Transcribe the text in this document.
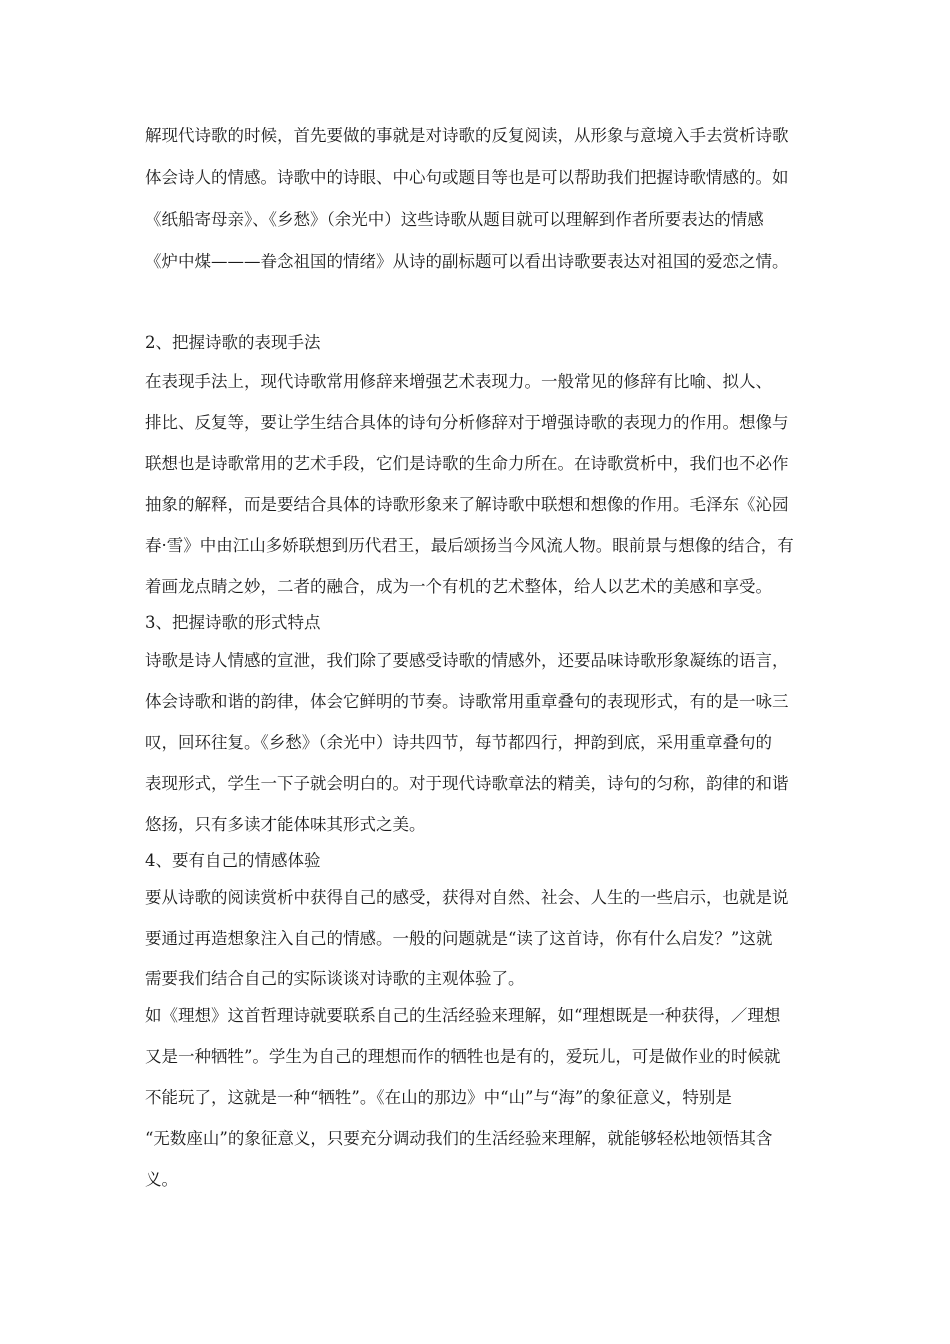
解现代诗歌的时候，首先要做的事就是对诗歌的反复阅读，从形象与意境入手去赏析诗歌
体会诗人的情感。诗歌中的诗眼、中心句或题目等也是可以帮助我们把握诗歌情感的。如
《纸船寄母亲》、《乡愁》（余光中）这些诗歌从题目就可以理解到作者所要表达的情感
《炉中煤———眷念祖国的情绪》从诗的副标题可以看出诗歌要表达对祖国的爱恋之情。
2、把握诗歌的表现手法
在表现手法上，现代诗歌常用修辞来增强艺术表现力。一般常见的修辞有比喻、拟人、
排比、反复等，要让学生结合具体的诗句分析修辞对于增强诗歌的表现力的作用。想像与
联想也是诗歌常用的艺术手段，它们是诗歌的生命力所在。在诗歌赏析中，我们也不必作
抽象的解释，而是要结合具体的诗歌形象来了解诗歌中联想和想像的作用。毛泽东《沁园
春·雪》中由江山多娇联想到历代君王，最后颂扬当今风流人物。眼前景与想像的结合，有
着画龙点睛之妙，二者的融合，成为一个有机的艺术整体，给人以艺术的美感和享受。
3、把握诗歌的形式特点
诗歌是诗人情感的宣泄，我们除了要感受诗歌的情感外，还要品味诗歌形象凝练的语言，
体会诗歌和谐的韵律，体会它鲜明的节奏。诗歌常用重章叠句的表现形式，有的是一咏三
叹，回环往复。《乡愁》（余光中）诗共四节，每节都四行，押韵到底，采用重章叠句的
表现形式，学生一下子就会明白的。对于现代诗歌章法的精美，诗句的匀称，韵律的和谐
悠扬，只有多读才能体味其形式之美。
4、要有自己的情感体验
要从诗歌的阅读赏析中获得自己的感受，获得对自然、社会、人生的一些启示，也就是说
要通过再造想象注入自己的情感。一般的问题就是“读了这首诗，你有什么启发？”这就
需要我们结合自己的实际谈谈对诗歌的主观体验了。
如《理想》这首哲理诗就要联系自己的生活经验来理解，如“理想既是一种获得，／理想
又是一种牺牲”。学生为自己的理想而作的牺牲也是有的，爱玩儿，可是做作业的时候就
不能玩了，这就是一种“牺牲”。《在山的那边》中“山”与“海”的象征意义，特别是
“无数座山”的象征意义，只要充分调动我们的生活经验来理解，就能够轻松地领悟其含
义。
